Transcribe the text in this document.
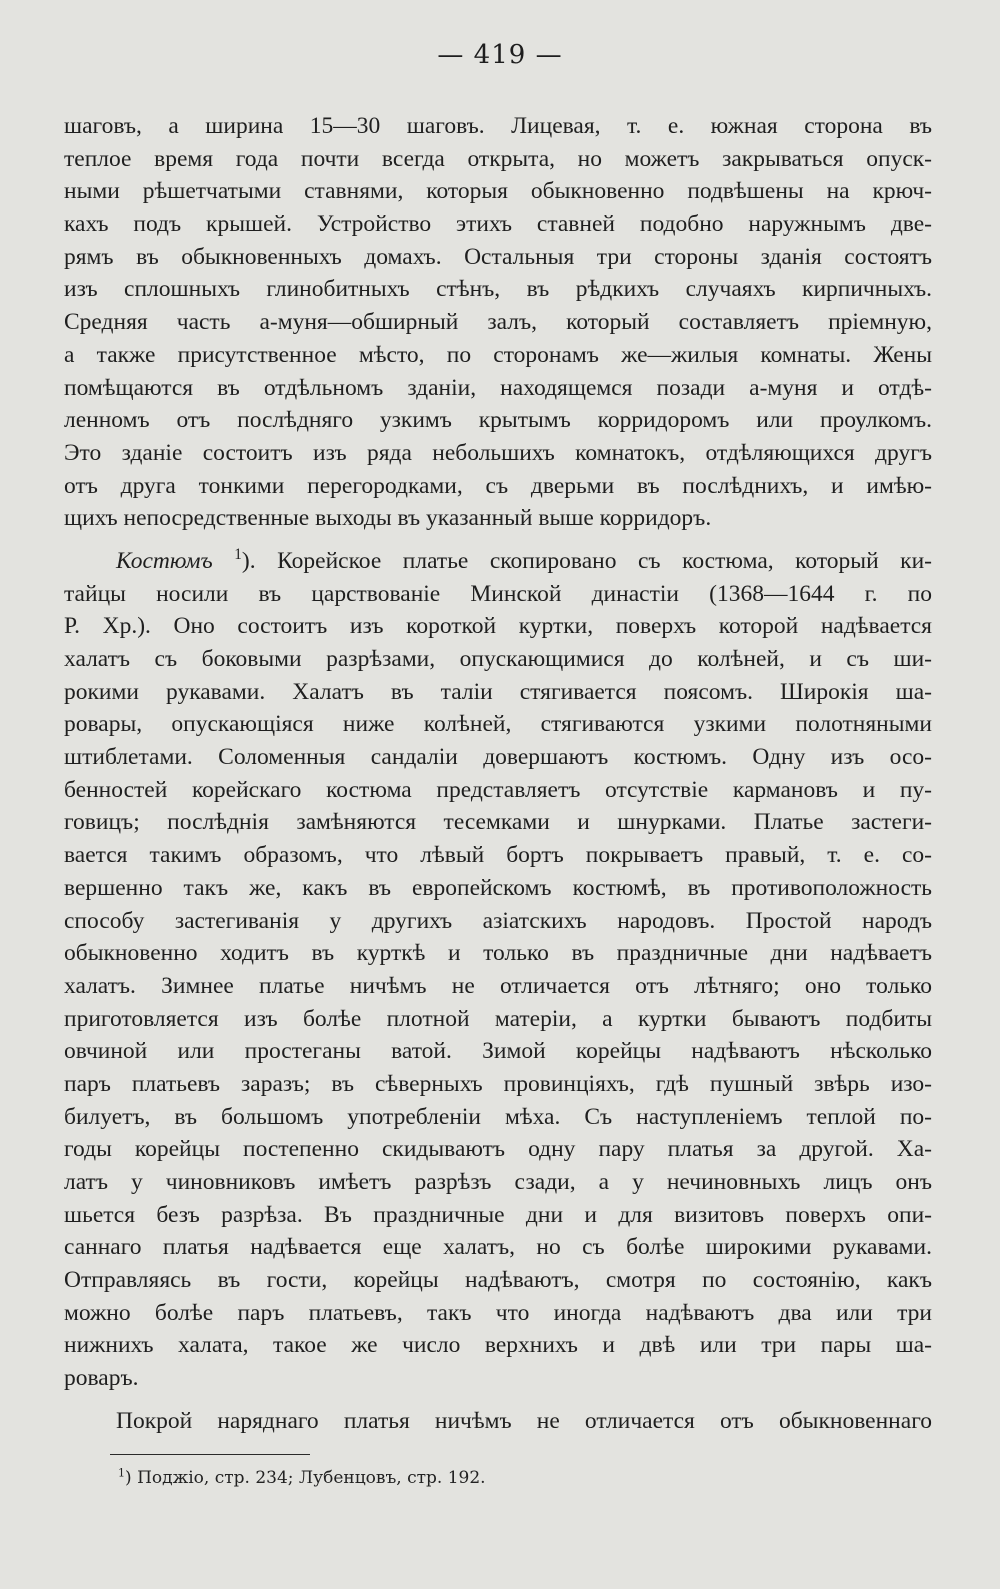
— 419 —
шаговъ, а ширина 15—30 шаговъ. Лицевая, т. е. южная сторона въ
теплое время года почти всегда открыта, но можетъ закрываться опуск-
ными рѣшетчатыми ставнями, которыя обыкновенно подвѣшены на крюч-
кахъ подъ крышей. Устройство этихъ ставней подобно наружнымъ две-
рямъ въ обыкновенныхъ домахъ. Остальныя три стороны зданія состоятъ
изъ сплошныхъ глинобитныхъ стѣнъ, въ рѣдкихъ случаяхъ кирпичныхъ.
Средняя часть а-муня—обширный залъ, который составляетъ пріемную,
а также присутственное мѣсто, по сторонамъ же—жилыя комнаты. Жены
помѣщаются въ отдѣльномъ зданіи, находящемся позади а-муня и отдѣ-
ленномъ отъ послѣдняго узкимъ крытымъ корридоромъ или проулкомъ.
Это зданіе состоитъ изъ ряда небольшихъ комнатокъ, отдѣляющихся другъ
отъ друга тонкими перегородками, съ дверьми въ послѣднихъ, и имѣю-
щихъ непосредственные выходы въ указанный выше корридоръ.
Костюмъ $^1$). Корейское платье скопировано съ костюма, который ки-
тайцы носили въ царствованіе Минской династіи (1368—1644 г. по
Р. Хр.). Оно состоитъ изъ короткой куртки, поверхъ которой надѣвается
халатъ съ боковыми разрѣзами, опускающимися до колѣней, и съ ши-
рокими рукавами. Халатъ въ таліи стягивается поясомъ. Широкія ша-
ровары, опускающіяся ниже колѣней, стягиваются узкими полотняными
штиблетами. Соломенныя сандаліи довершаютъ костюмъ. Одну изъ осо-
бенностей корейскаго костюма представляетъ отсутствіе кармановъ и пу-
говицъ; послѣднія замѣняются тесемками и шнурками. Платье застеги-
вается такимъ образомъ, что лѣвый бортъ покрываетъ правый, т. е. со-
вершенно такъ же, какъ въ европейскомъ костюмѣ, въ противоположность
способу застегиванія у другихъ азіатскихъ народовъ. Простой народъ
обыкновенно ходитъ въ курткѣ и только въ праздничные дни надѣваетъ
халатъ. Зимнее платье ничѣмъ не отличается отъ лѣтняго; оно только
приготовляется изъ болѣе плотной матеріи, а куртки бываютъ подбиты
овчиной или простеганы ватой. Зимой корейцы надѣваютъ нѣсколько
паръ платьевъ заразъ; въ сѣверныхъ провинціяхъ, гдѣ пушный звѣрь изо-
билуетъ, въ большомъ употребленіи мѣха. Съ наступленіемъ теплой по-
годы корейцы постепенно скидываютъ одну пару платья за другой. Ха-
латъ у чиновниковъ имѣетъ разрѣзъ сзади, а у нечиновныхъ лицъ онъ
шьется безъ разрѣза. Въ праздничные дни и для визитовъ поверхъ опи-
саннаго платья надѣвается еще халатъ, но съ болѣе широкими рукавами.
Отправляясь въ гости, корейцы надѣваютъ, смотря по состоянію, какъ
можно болѣе паръ платьевъ, такъ что иногда надѣваютъ два или три
нижнихъ халата, такое же число верхнихъ и двѣ или три пары ша-
роваръ.
Покрой наряднаго платья ничѣмъ не отличается отъ обыкновеннаго
$^1$) Поджіо, стр. 234; Лубенцовъ, стр. 192.
